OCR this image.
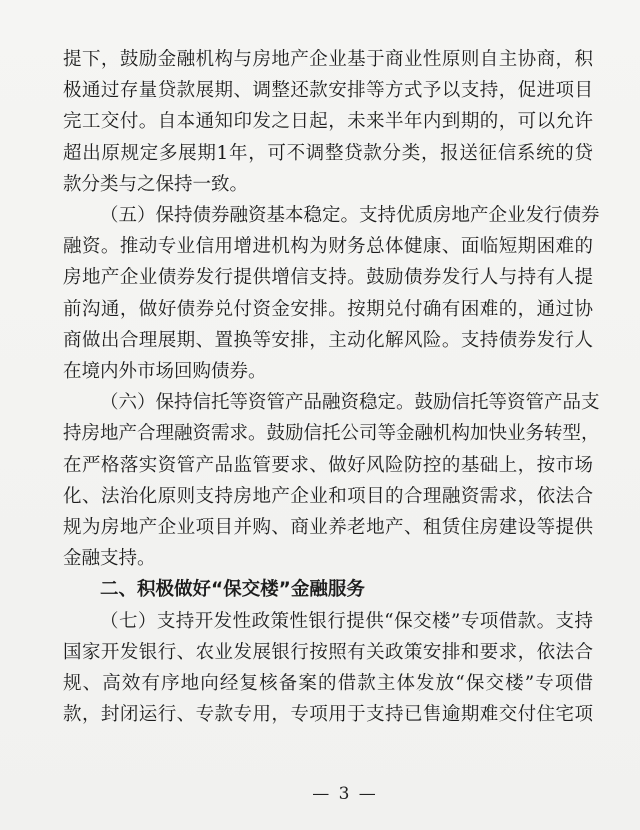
提下，鼓励金融机构与房地产企业基于商业性原则自主协商，积
极通过存量贷款展期、调整还款安排等方式予以支持，促进项目
完工交付。自本通知印发之日起，未来半年内到期的，可以允许
超出原规定多展期1年，可不调整贷款分类，报送征信系统的贷
款分类与之保持一致。
（五）保持债券融资基本稳定。支持优质房地产企业发行债券
融资。推动专业信用增进机构为财务总体健康、面临短期困难的
房地产企业债券发行提供增信支持。鼓励债券发行人与持有人提
前沟通，做好债券兑付资金安排。按期兑付确有困难的，通过协
商做出合理展期、置换等安排，主动化解风险。支持债券发行人
在境内外市场回购债券。
（六）保持信托等资管产品融资稳定。鼓励信托等资管产品支
持房地产合理融资需求。鼓励信托公司等金融机构加快业务转型，
在严格落实资管产品监管要求、做好风险防控的基础上，按市场
化、法治化原则支持房地产企业和项目的合理融资需求，依法合
规为房地产企业项目并购、商业养老地产、租赁住房建设等提供
金融支持。
二、积极做好“保交楼”金融服务
（七）支持开发性政策性银行提供“保交楼”专项借款。支持
国家开发银行、农业发展银行按照有关政策安排和要求，依法合
规、高效有序地向经复核备案的借款主体发放“保交楼”专项借
款，封闭运行、专款专用，专项用于支持已售逾期难交付住宅项
— 3 —
